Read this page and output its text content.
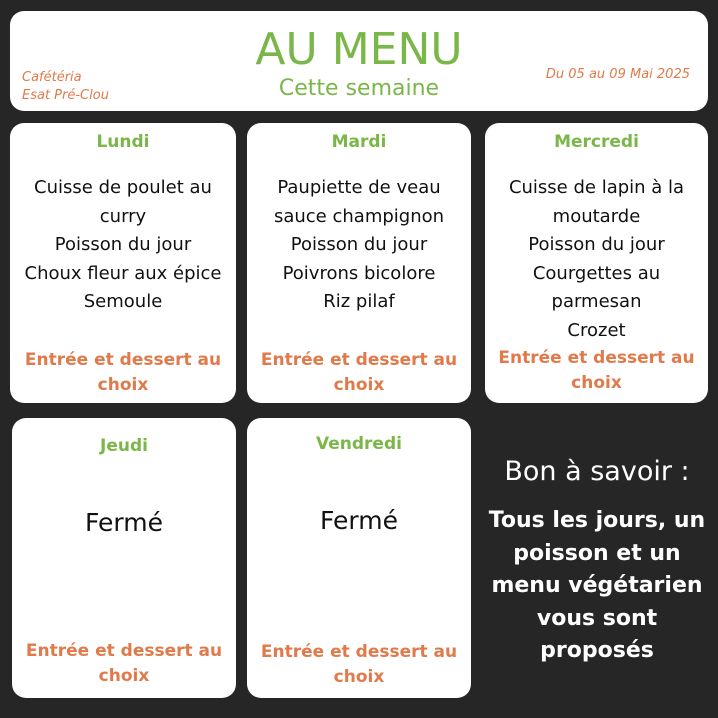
AU MENU
Cette semaine
Cafétéria
Esat Pré-Clou
Du 05 au 09 Mai 2025
Lundi
Cuisse de poulet au curry
Poisson du jour
Choux fleur aux épice
Semoule
Entrée et dessert au choix
Mardi
Paupiette de veau sauce champignon
Poisson du jour
Poivrons bicolore
Riz pilaf
Entrée et dessert au choix
Mercredi
Cuisse de lapin à la moutarde
Poisson du jour
Courgettes au parmesan
Crozet
Entrée et dessert au choix
Jeudi
Fermé
Entrée et dessert au choix
Vendredi
Fermé
Entrée et dessert au choix
Bon à savoir :
Tous les jours, un poisson et un menu végétarien vous sont proposés
